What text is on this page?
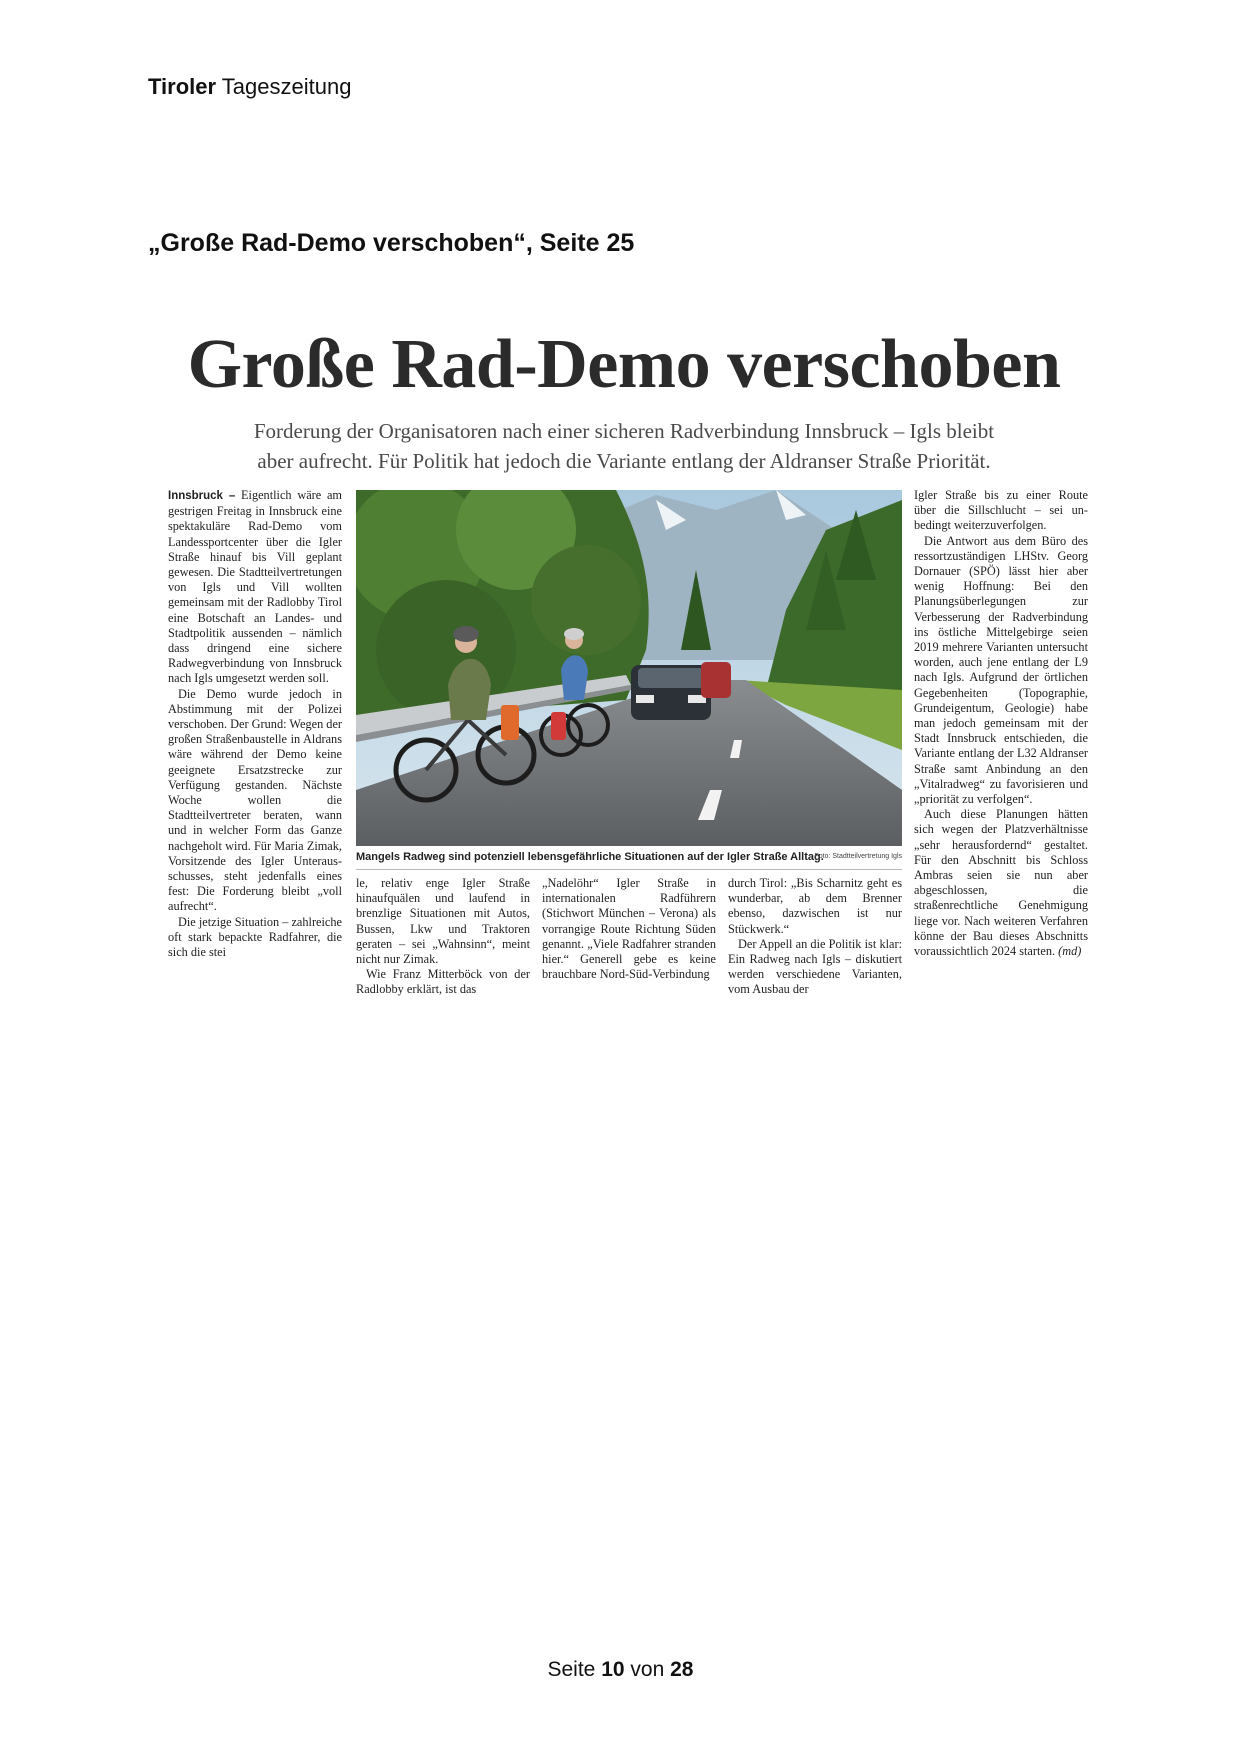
Tiroler Tageszeitung
„Große Rad-Demo verschoben“, Seite 25
Große Rad-Demo verschoben
Forderung der Organisatoren nach einer sicheren Radverbindung Innsbruck – Igls bleibt
aber aufrecht. Für Politik hat jedoch die Variante entlang der Aldranser Straße Priorität.

Innsbruck – Eigentlich wäre am gestrigen Freitag in Innsbruck eine spektakuläre Rad-Demo vom Landessportcenter über die Igler Straße hinauf bis Vill geplant gewesen. Die Stadtteilvertretungen von Igls und Vill wollten gemeinsam mit der Radlobby Tirol eine Botschaft an Landes- und Stadtpolitik aussenden – nämlich dass dringend eine sichere Radwegverbindung von Innsbruck nach Igls umgesetzt werden soll.

Die Demo wurde jedoch in Abstimmung mit der Polizei verschoben. Der Grund: Wegen der großen Straßenbaustelle in Aldrans wäre während der Demo keine geeignete Ersatzstrecke zur Verfügung gestanden. Nächste Woche wollen die Stadtteilvertreter beraten, wann und in welcher Form das Ganze nachgeholt wird. Für Maria Zimak, Vorsitzende des Igler Unterausschusses, steht jedenfalls eines fest: Die Forderung bleibt „voll aufrecht“.

Die jetzige Situation – zahlreiche oft stark bepackte Radfahrer, die sich die stei

Mangels Radweg sind potenziell lebensgefährliche Situationen auf der Igler Straße Alltag.
Foto: Stadtteilvertretung Igls

le, relativ enge Igler Straße hinaufquälen und laufend in brenzlige Situationen mit Autos, Bussen, Lkw und Traktoren geraten – sei „Wahnsinn“, meint nicht nur Zimak.

Wie Franz Mitterböck von der Radlobby erklärt, ist das

„Nadelöhr“ Igler Straße in internationalen Radführern (Stichwort München – Verona) als vorrangige Route Richtung Süden genannt. „Viele Radfahrer stranden hier.“ Generell gebe es keine brauchbare Nord-Süd-Verbindung

durch Tirol: „Bis Scharnitz geht es wunderbar, ab dem Brenner ebenso, dazwischen ist nur Stückwerk.“

Der Appell an die Politik ist klar: Ein Radweg nach Igls – diskutiert werden verschiedene Varianten, vom Ausbau der

Igler Straße bis zu einer Route über die Sillschlucht – sei unbedingt weiterzuverfolgen.

Die Antwort aus dem Büro des ressortzuständigen LHStv. Georg Dornauer (SPÖ) lässt hier aber wenig Hoffnung: Bei den Planungsüberlegungen zur Verbesserung der Radverbindung ins östliche Mittelgebirge seien 2019 mehrere Varianten untersucht worden, auch jene entlang der L9 nach Igls. Aufgrund der örtlichen Gegebenheiten (Topographie, Grundeigentum, Geologie) habe man jedoch gemeinsam mit der Stadt Innsbruck entschieden, die Variante entlang der L32 Aldranser Straße samt Anbindung an den „Vitalradweg“ zu favorisieren und „priorität zu verfolgen“.

Auch diese Planungen hätten sich wegen der Platzverhältnisse „sehr herausfordernd“ gestaltet. Für den Abschnitt bis Schloss Ambras seien sie nun aber abgeschlossen, die straßenrechtliche Genehmigung liege vor. Nach weiteren Verfahren könne der Bau dieses Abschnitts voraussichtlich 2024 starten. (md)

Seite 10 von 28
